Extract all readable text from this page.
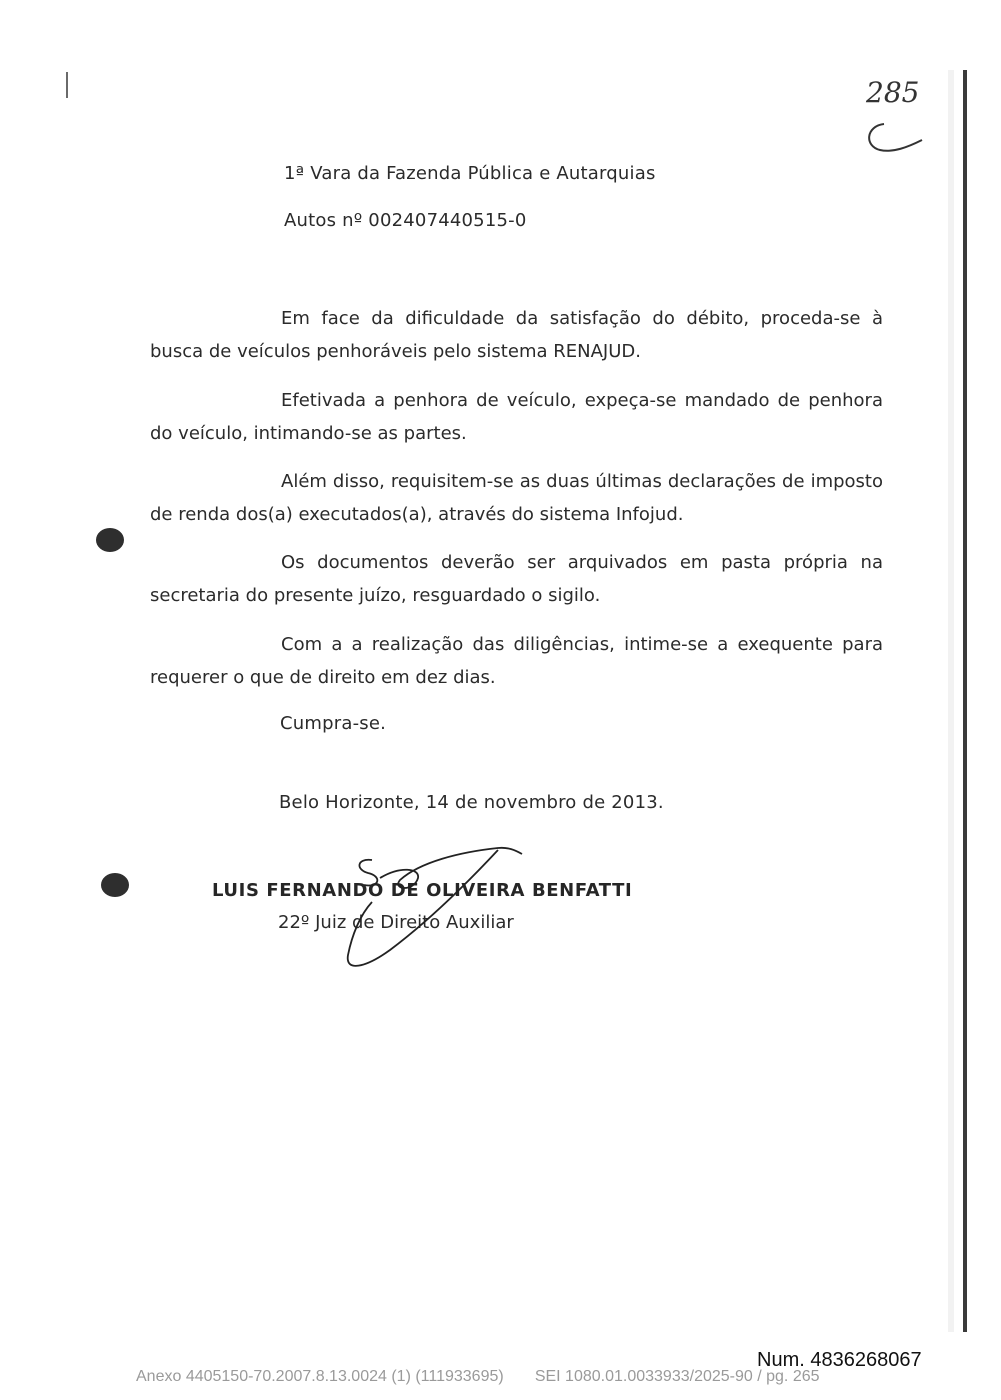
285
1ª Vara da Fazenda Pública e Autarquias
Autos nº 002407440515-0
Em face da dificuldade da satisfação do débito, proceda-se à busca de veículos penhoráveis pelo sistema RENAJUD.
Efetivada a penhora de veículo, expeça-se mandado de penhora do veículo, intimando-se as partes.
Além disso, requisitem-se as duas últimas declarações de imposto de renda dos(a) executados(a), através do sistema Infojud.
Os documentos deverão ser arquivados em pasta própria na secretaria do presente juízo, resguardado o sigilo.
Com a a realização das diligências, intime-se a exequente para requerer o que de direito em dez dias.
Cumpra-se.
Belo Horizonte, 14 de novembro de 2013.
LUIS FERNANDO DE OLIVEIRA BENFATTI
22º Juiz de Direito Auxiliar
Num. 4836268067
Anexo 4405150-70.2007.8.13.0024 (1) (111933695)       SEI 1080.01.0033933/2025-90 / pg. 265
